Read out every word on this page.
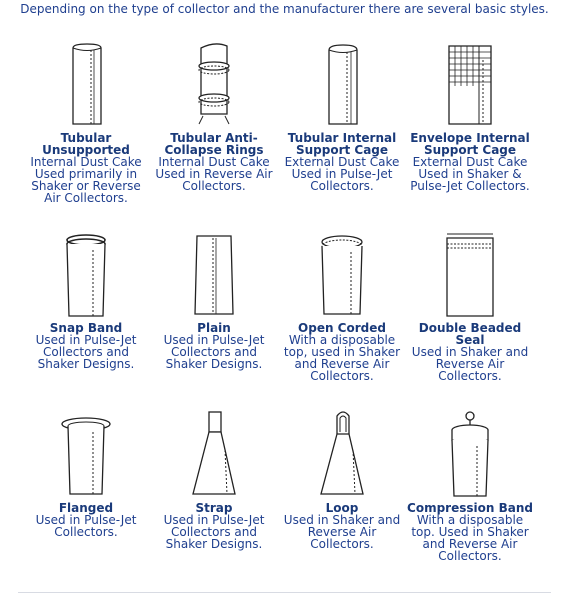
Depending on the type of collector and the manufacturer there are several basic styles.
Tubular Unsupported
Internal Dust Cake Used primarily in Shaker or Reverse Air Collectors.
Tubular Anti-Collapse Rings
Internal Dust Cake Used in Reverse Air Collectors.
Tubular Internal Support Cage
External Dust Cake Used in Pulse-Jet Collectors.
Envelope Internal Support Cage
External Dust Cake Used in Shaker & Pulse-Jet Collectors.
Snap Band
Used in Pulse-Jet Collectors and Shaker Designs.
Plain
Used in Pulse-Jet Collectors and Shaker Designs.
Open Corded
With a disposable top, used in Shaker and Reverse Air Collectors.
Double Beaded Seal
Used in Shaker and Reverse Air Collectors.
Flanged
Used in Pulse-Jet Collectors.
Strap
Used in Pulse-Jet Collectors and Shaker Designs.
Loop
Used in Shaker and Reverse Air Collectors.
Compression Band
With a disposable top. Used in Shaker and Reverse Air Collectors.
